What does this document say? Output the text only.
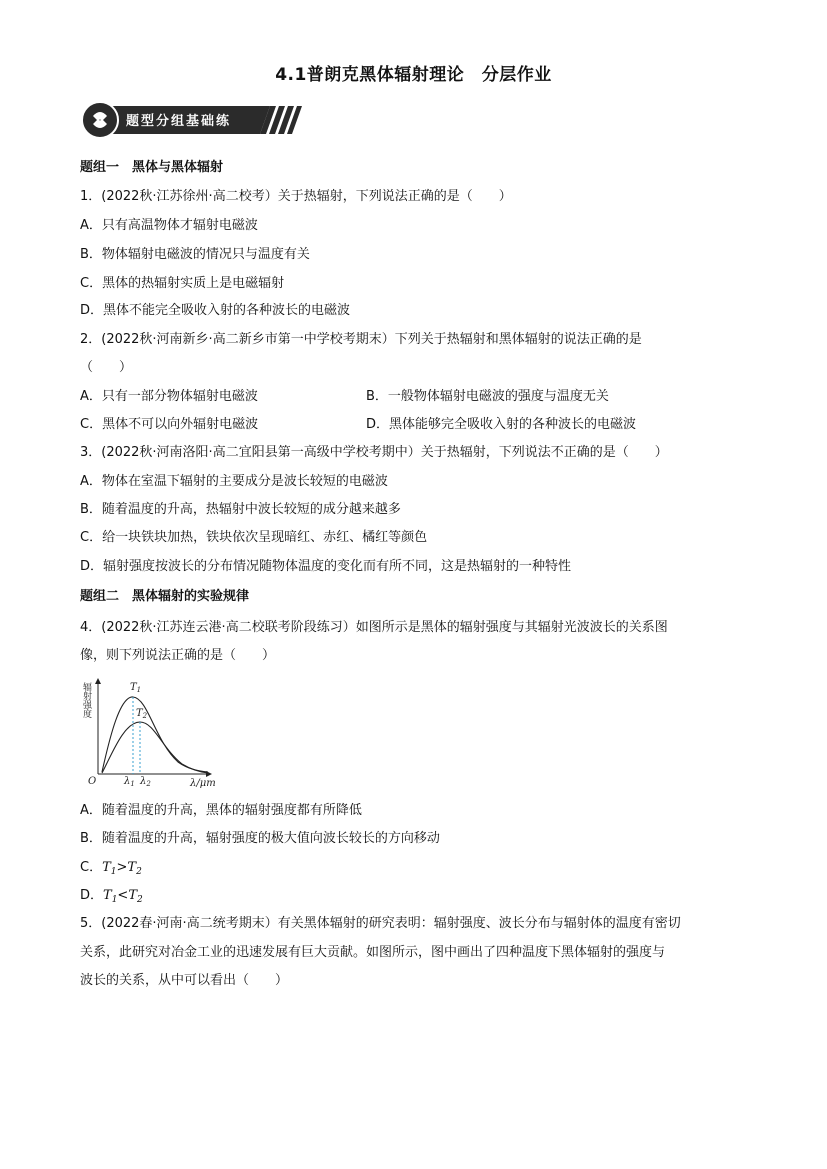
4.1普朗克黑体辐射理论　分层作业
题型分组基础练
题组一　黑体与黑体辐射
1．(2022秋·江苏徐州·高二校考）关于热辐射，下列说法正确的是（　　）
A．只有高温物体才辐射电磁波
B．物体辐射电磁波的情况只与温度有关
C．黑体的热辐射实质上是电磁辐射
D．黑体不能完全吸收入射的各种波长的电磁波
2．(2022秋·河南新乡·高二新乡市第一中学校考期末）下列关于热辐射和黑体辐射的说法正确的是
（　　）
A．只有一部分物体辐射电磁波	B．一般物体辐射电磁波的强度与温度无关
C．黑体不可以向外辐射电磁波	D．黑体能够完全吸收入射的各种波长的电磁波
3．(2022秋·河南洛阳·高二宜阳县第一高级中学校考期中）关于热辐射，下列说法不正确的是（　　）
A．物体在室温下辐射的主要成分是波长较短的电磁波
B．随着温度的升高，热辐射中波长较短的成分越来越多
C．给一块铁块加热，铁块依次呈现暗红、赤红、橘红等颜色
D．辐射强度按波长的分布情况随物体温度的变化而有所不同，这是热辐射的一种特性
题组二　黑体辐射的实验规律
4．(2022秋·江苏连云港·高二校联考阶段练习）如图所示是黑体的辐射强度与其辐射光波波长的关系图
像，则下列说法正确的是（　　）
辐射强度
O	λ/μm
$T_1$
$T_2$
$\lambda_1$ $\lambda_2$
A．随着温度的升高，黑体的辐射强度都有所降低
B．随着温度的升高，辐射强度的极大值向波长较长的方向移动
C．$T_1>T_2$
D．$T_1<T_2$
5．(2022春·河南·高二统考期末）有关黑体辐射的研究表明：辐射强度、波长分布与辐射体的温度有密切
关系，此研究对冶金工业的迅速发展有巨大贡献。如图所示，图中画出了四种温度下黑体辐射的强度与
波长的关系，从中可以看出（　　）
